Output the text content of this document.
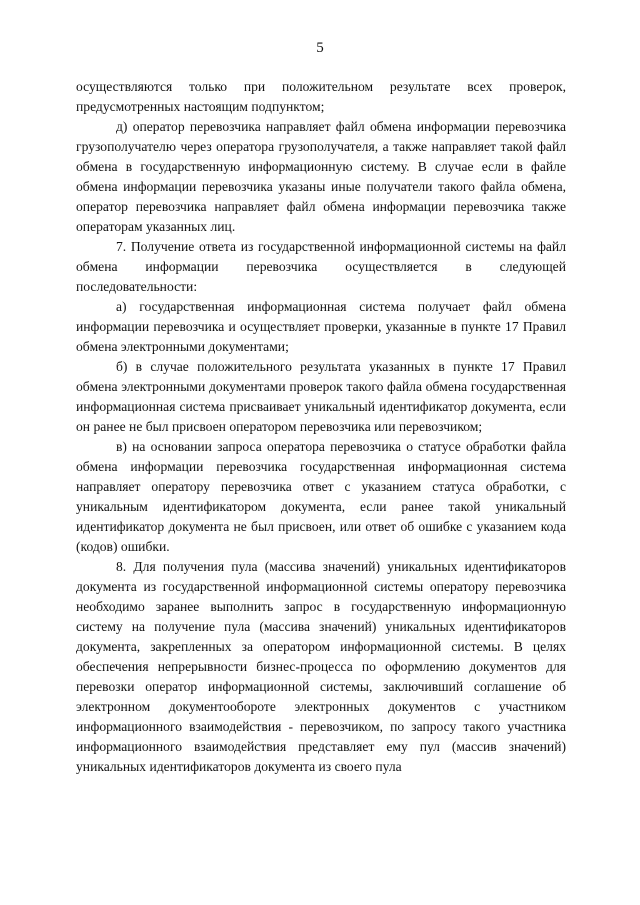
5

осуществляются только при положительном результате всех проверок, предусмотренных настоящим подпунктом;

д) оператор перевозчика направляет файл обмена информации перевозчика грузополучателю через оператора грузополучателя, а также направляет такой файл обмена в государственную информационную систему. В случае если в файле обмена информации перевозчика указаны иные получатели такого файла обмена, оператор перевозчика направляет файл обмена информации перевозчика также операторам указанных лиц.

7. Получение ответа из государственной информационной системы на файл обмена информации перевозчика осуществляется в следующей последовательности:

а) государственная информационная система получает файл обмена информации перевозчика и осуществляет проверки, указанные в пункте 17 Правил обмена электронными документами;

б) в случае положительного результата указанных в пункте 17 Правил обмена электронными документами проверок такого файла обмена государственная информационная система присваивает уникальный идентификатор документа, если он ранее не был присвоен оператором перевозчика или перевозчиком;

в) на основании запроса оператора перевозчика о статусе обработки файла обмена информации перевозчика государственная информационная система направляет оператору перевозчика ответ с указанием статуса обработки, с уникальным идентификатором документа, если ранее такой уникальный идентификатор документа не был присвоен, или ответ об ошибке с указанием кода (кодов) ошибки.

8. Для получения пула (массива значений) уникальных идентификаторов документа из государственной информационной системы оператору перевозчика необходимо заранее выполнить запрос в государственную информационную систему на получение пула (массива значений) уникальных идентификаторов документа, закрепленных за оператором информационной системы. В целях обеспечения непрерывности бизнес-процесса по оформлению документов для перевозки оператор информационной системы, заключивший соглашение об электронном документообороте электронных документов с участником информационного взаимодействия - перевозчиком, по запросу такого участника информационного взаимодействия представляет ему пул (массив значений) уникальных идентификаторов документа из своего пула
